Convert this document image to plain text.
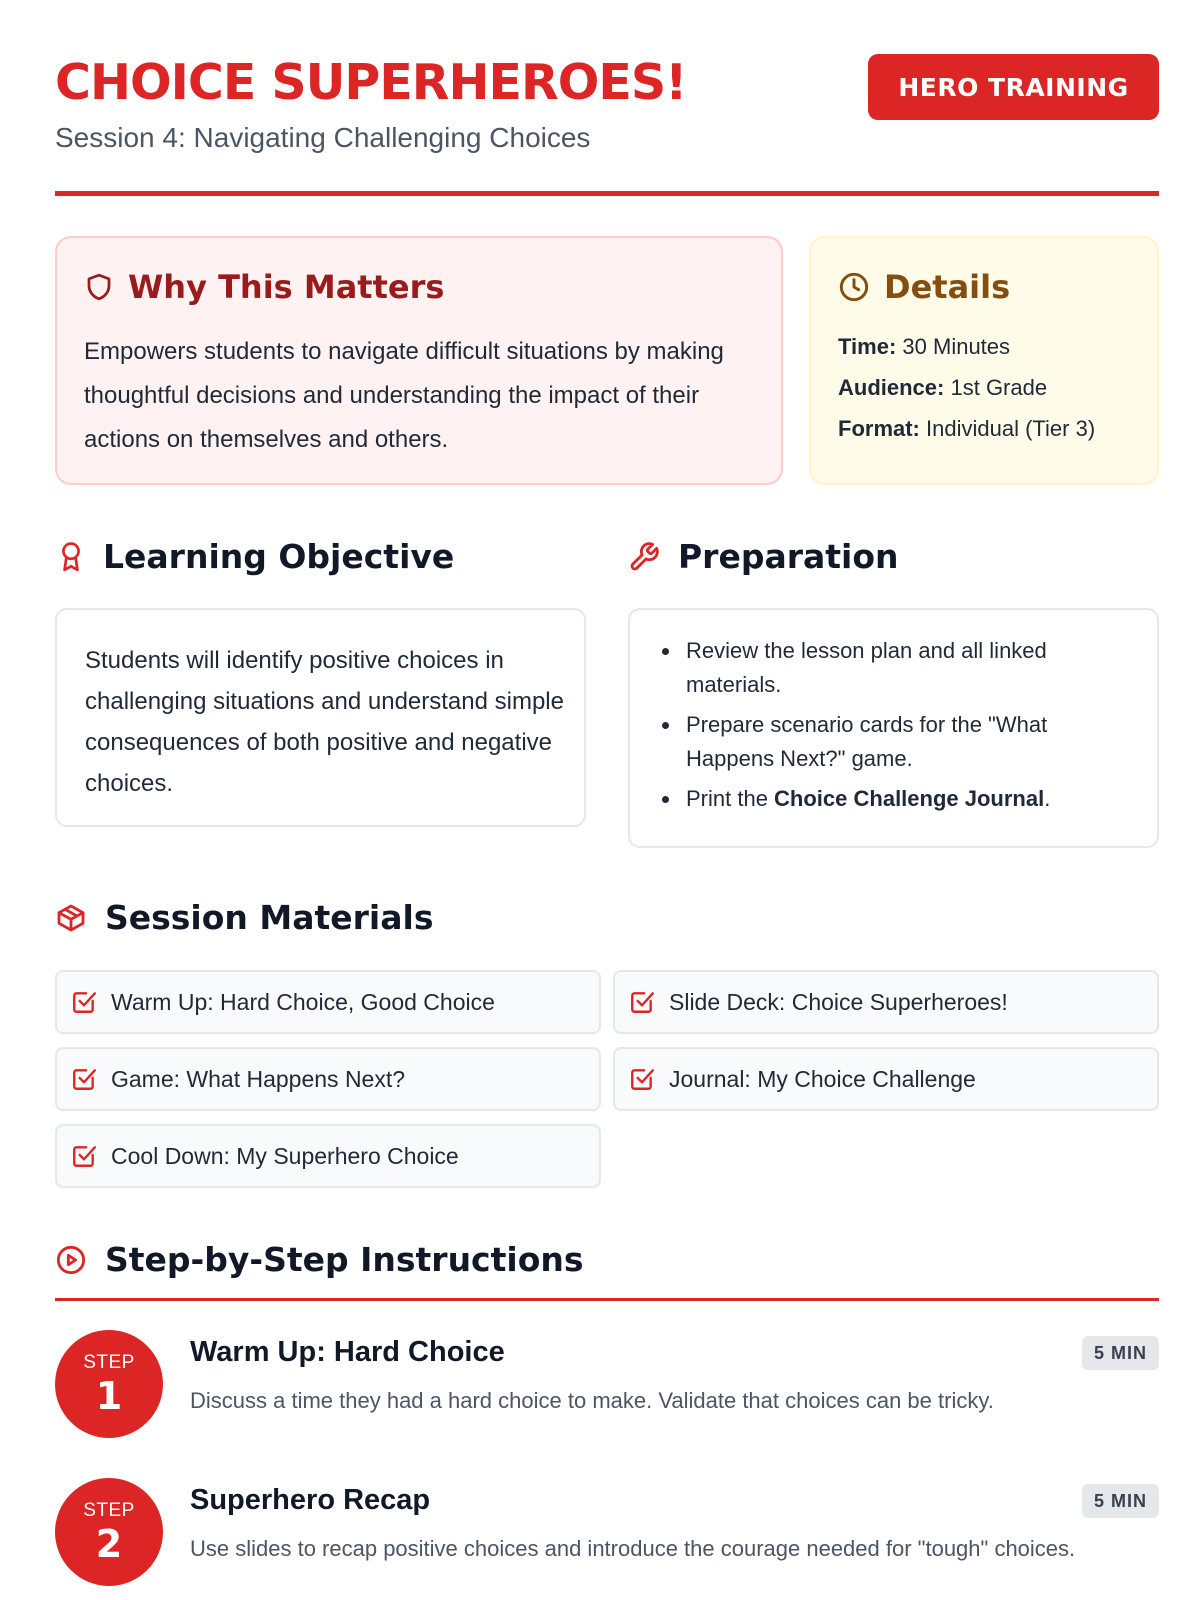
CHOICE SUPERHEROES!
Session 4: Navigating Challenging Choices
HERO TRAINING
Why This Matters

Empowers students to navigate difficult situations by making thoughtful decisions and understanding the impact of their actions on themselves and others.

Details
Time: 30 Minutes
Audience: 1st Grade
Format: Individual (Tier 3)
Learning Objective

Students will identify positive choices in challenging situations and understand simple consequences of both positive and negative choices.

Preparation
Review the lesson plan and all linked materials.
Prepare scenario cards for the "What Happens Next?" game.
Print the Choice Challenge Journal.
Session Materials
Warm Up: Hard Choice, Good Choice	Slide Deck: Choice Superheroes!
Game: What Happens Next?	Journal: My Choice Challenge
Cool Down: My Superhero Choice
Step-by-Step Instructions
STEP
1
Warm Up: Hard Choice
Discuss a time they had a hard choice to make. Validate that choices can be tricky.
5 MIN
STEP
2
Superhero Recap
Use slides to recap positive choices and introduce the courage needed for "tough" choices.
5 MIN
